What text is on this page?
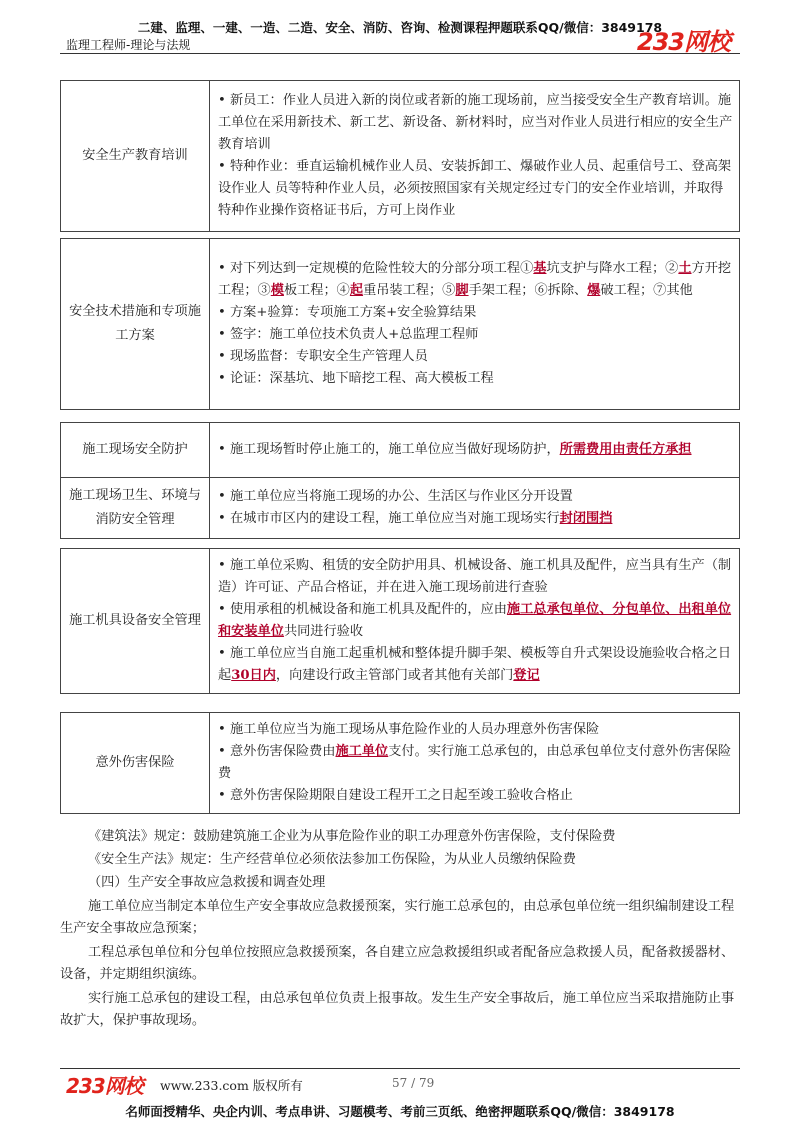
二建、监理、一建、一造、二造、安全、消防、咨询、检测课程押题联系QQ/微信：3849178
监理工程师-理论与法规	233网校
安全生产教育培训	
• 新员工：作业人员进入新的岗位或者新的施工现场前，应当接受安全生产教育培训。施工单位在采用新技术、新工艺、新设备、新材料时，应当对作业人员进行相应的安全生产教育培训
• 特种作业：垂直运输机械作业人员、安装拆卸工、爆破作业人员、起重信号工、登高架设作业人 员等特种作业人员，必须按照国家有关规定经过专门的安全作业培训，并取得特种作业操作资格证书后，方可上岗作业
安全技术措施和专项施工方案	
• 对下列达到一定规模的危险性较大的分部分项工程①基坑支护与降水工程；②土方开挖工程；③模板工程；④起重吊装工程；⑤脚手架工程；⑥拆除、爆破工程；⑦其他
• 方案+验算：专项施工方案+安全验算结果
• 签字：施工单位技术负责人+总监理工程师
• 现场监督：专职安全生产管理人员
• 论证：深基坑、地下暗挖工程、高大模板工程
施工现场安全防护	• 施工现场暂时停止施工的，施工单位应当做好现场防护，所需费用由责任方承担

施工现场卫生、环境与消防安全管理	• 施工单位应当将施工现场的办公、生活区与作业区分开设置
• 在城市市区内的建设工程，施工单位应当对施工现场实行封闭围挡
施工机具设备安全管理	
• 施工单位采购、租赁的安全防护用具、机械设备、施工机具及配件，应当具有生产（制造）许可证、产品合格证，并在进入施工现场前进行查验
• 使用承租的机械设备和施工机具及配件的，应由施工总承包单位、分包单位、出租单位和安装单位共同进行验收
• 施工单位应当自施工起重机械和整体提升脚手架、模板等自升式架设设施验收合格之日起30日内，向建设行政主管部门或者其他有关部门登记
意外伤害保险	
• 施工单位应当为施工现场从事危险作业的人员办理意外伤害保险
• 意外伤害保险费由施工单位支付。实行施工总承包的，由总承包单位支付意外伤害保险费
• 意外伤害保险期限自建设工程开工之日起至竣工验收合格止

《建筑法》规定：鼓励建筑施工企业为从事危险作业的职工办理意外伤害保险，支付保险费

《安全生产法》规定：生产经营单位必须依法参加工伤保险，为从业人员缴纳保险费

（四）生产安全事故应急救援和调查处理

施工单位应当制定本单位生产安全事故应急救援预案，实行施工总承包的，由总承包单位统一组织编制建设工程生产安全事故应急预案；

工程总承包单位和分包单位按照应急救援预案，各自建立应急救援组织或者配备应急救援人员，配备救援器材、设备，并定期组织演练。

实行施工总承包的建设工程，由总承包单位负责上报事故。发生生产安全事故后，施工单位应当采取措施防止事故扩大，保护事故现场。

233网校 www.233.com 版权所有	57 / 79
名师面授精华、央企内训、考点串讲、习题模考、考前三页纸、绝密押题联系QQ/微信：3849178
